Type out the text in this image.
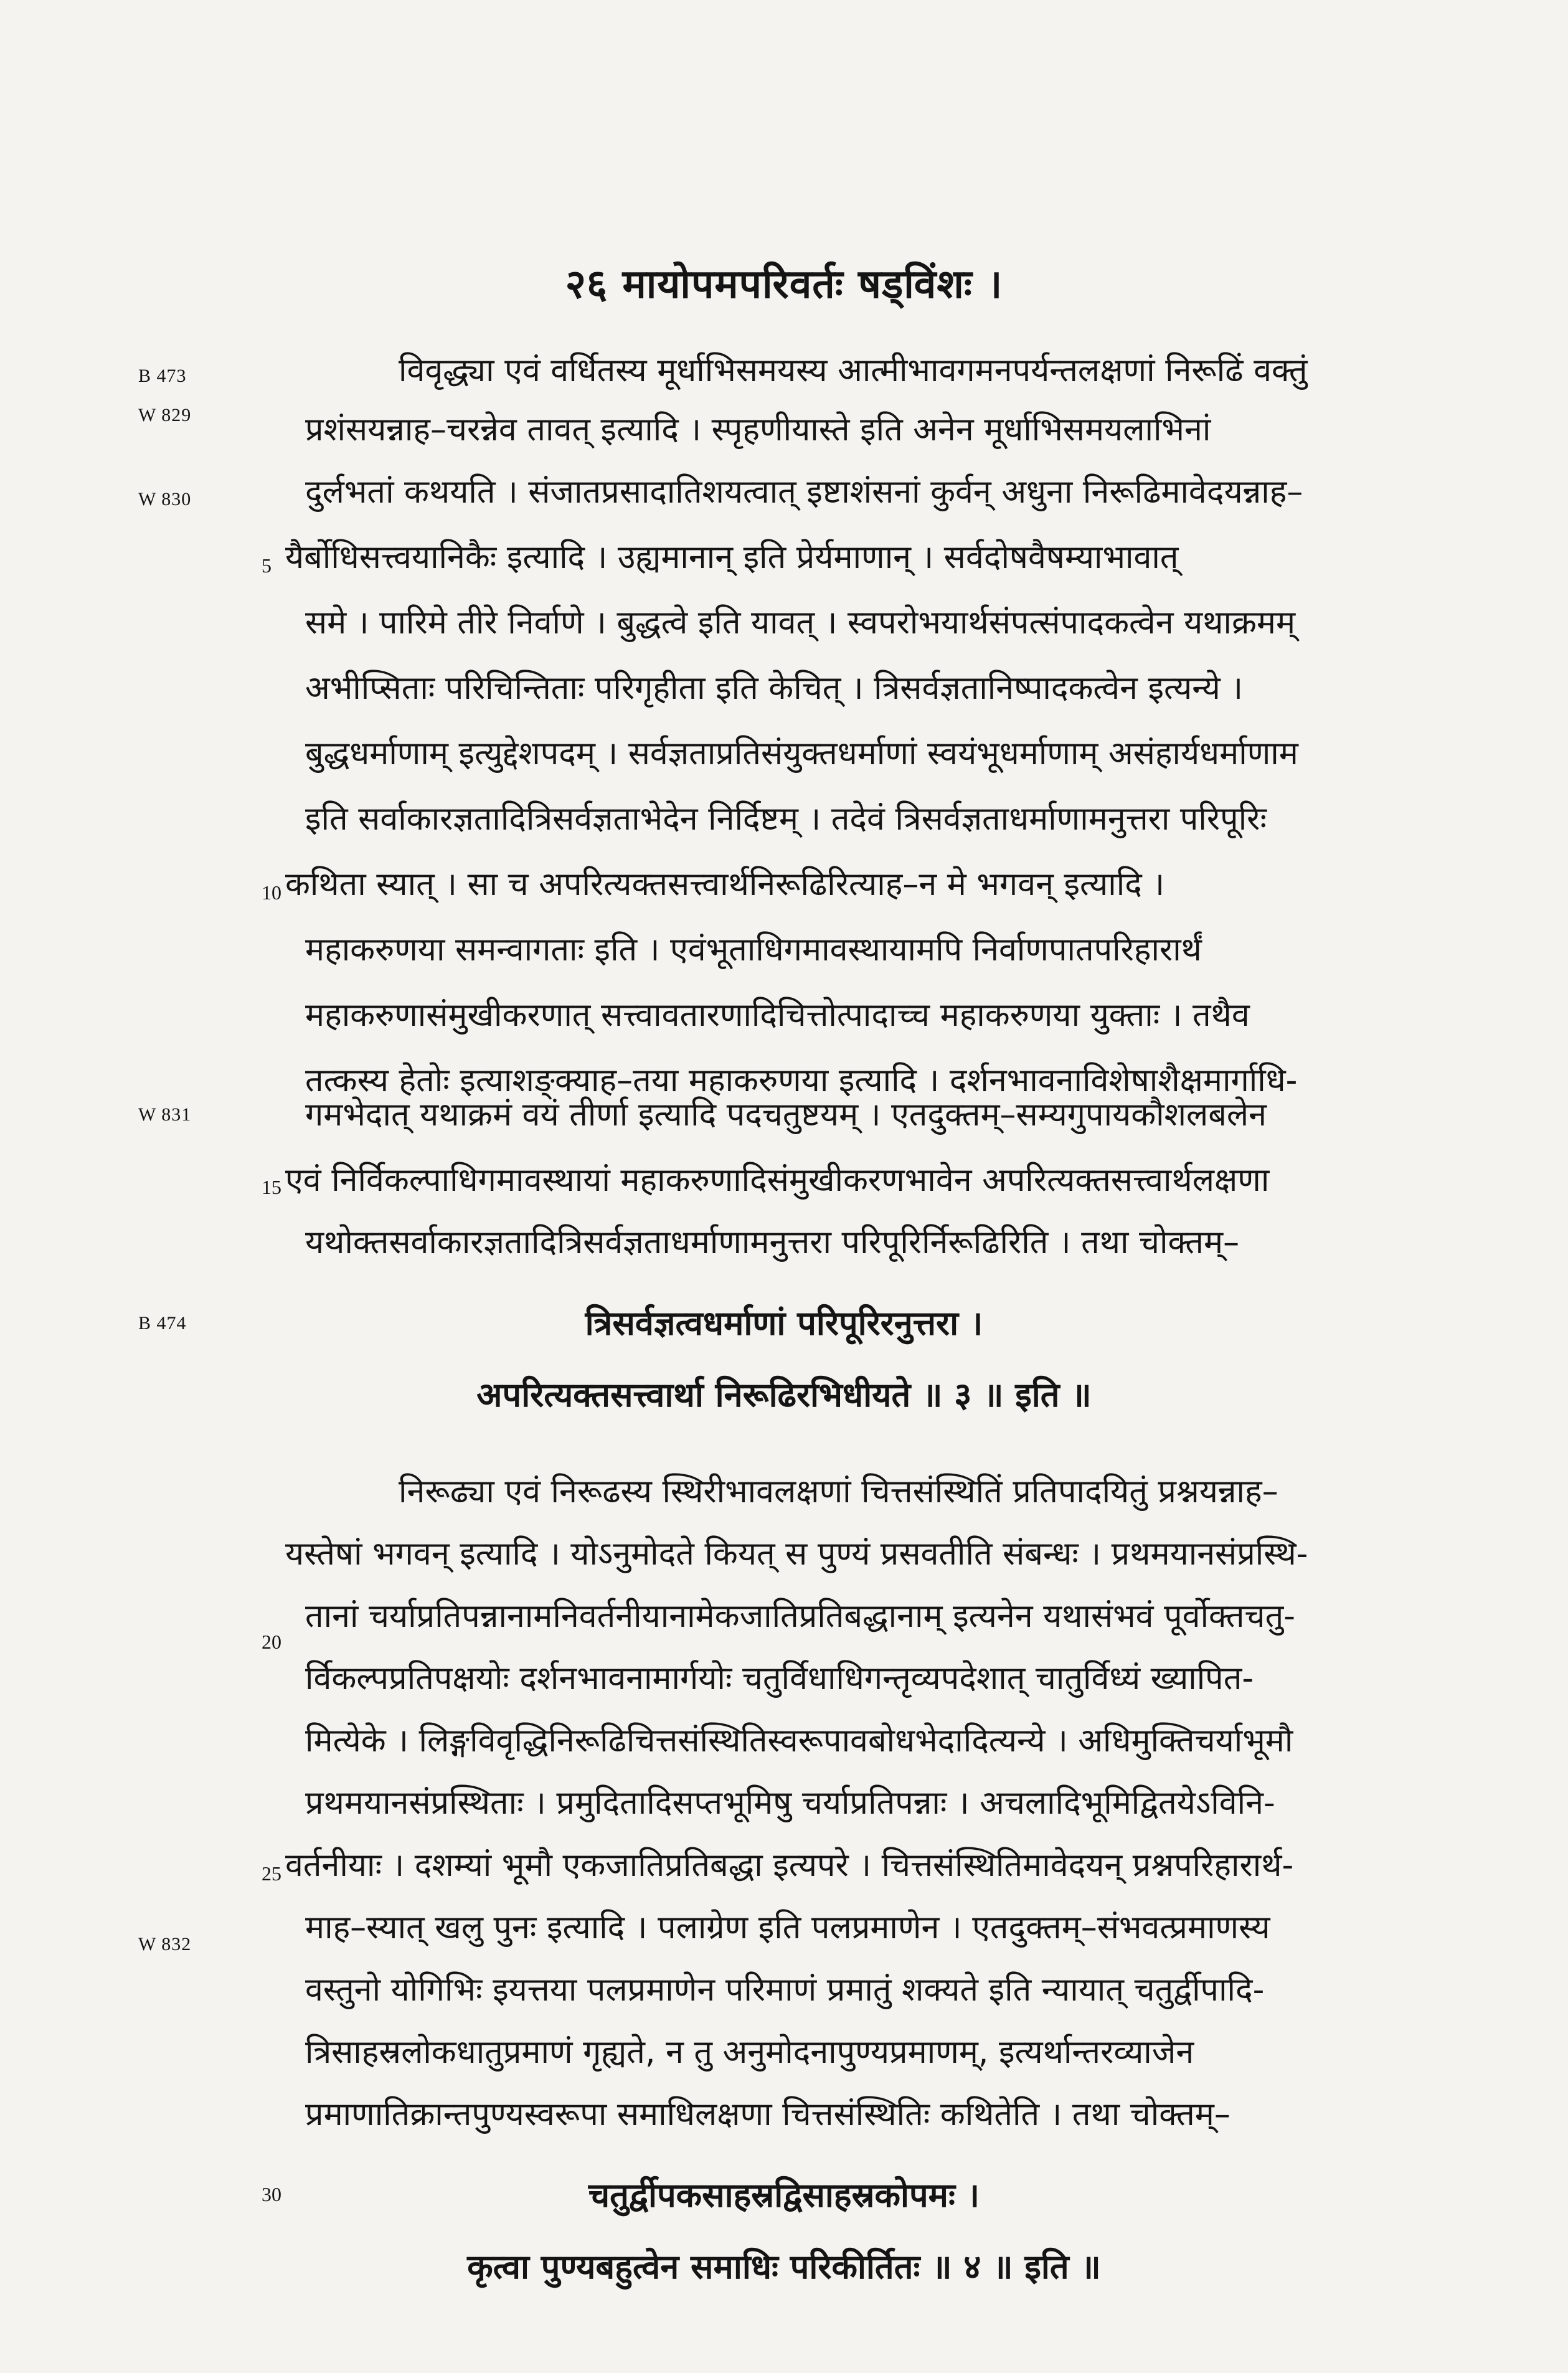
२६ मायोपमपरिवर्तः षड्विंशः ।
B 473
W 829
W 830
W 831
B 474
W 832
5
10
15
20
25
30
विवृद्ध्या एवं वर्धितस्य मूर्धाभिसमयस्य आत्मीभावगमनपर्यन्तलक्षणां निरूढिं वक्तुं
प्रशंसयन्नाह–चरन्नेव तावत् इत्यादि । स्पृहणीयास्ते इति अनेन मूर्धाभिसमयलाभिनां
दुर्लभतां कथयति । संजातप्रसादातिशयत्वात् इष्टाशंसनां कुर्वन् अधुना निरूढिमावेदयन्नाह–
यैर्बोधिसत्त्वयानिकैः इत्यादि । उह्यमानान् इति प्रेर्यमाणान् । सर्वदोषवैषम्याभावात्
समे । पारिमे तीरे निर्वाणे । बुद्धत्वे इति यावत् । स्वपरोभयार्थसंपत्संपादकत्वेन यथाक्रमम्
अभीप्सिताः परिचिन्तिताः परिगृहीता इति केचित् । त्रिसर्वज्ञतानिष्पादकत्वेन इत्यन्ये ।
बुद्धधर्माणाम् इत्युद्देशपदम् । सर्वज्ञताप्रतिसंयुक्तधर्माणां स्वयंभूधर्माणाम् असंहार्यधर्माणाम
इति सर्वाकारज्ञतादित्रिसर्वज्ञताभेदेन निर्दिष्टम् । तदेवं त्रिसर्वज्ञताधर्माणामनुत्तरा परिपूरिः
कथिता स्यात् । सा च अपरित्यक्तसत्त्वार्थनिरूढिरित्याह–न मे भगवन् इत्यादि ।
महाकरुणया समन्वागताः इति । एवंभूताधिगमावस्थायामपि निर्वाणपातपरिहारार्थं
महाकरुणासंमुखीकरणात् सत्त्वावतारणादिचित्तोत्पादाच्च महाकरुणया युक्ताः । तथैव
तत्कस्य हेतोः इत्याशङ्क्याह–तया महाकरुणया इत्यादि । दर्शनभावनाविशेषाशैक्षमार्गाधि-
गमभेदात् यथाक्रमं वयं तीर्णा इत्यादि पदचतुष्टयम् । एतदुक्तम्–सम्यगुपायकौशलबलेन
एवं निर्विकल्पाधिगमावस्थायां महाकरुणादिसंमुखीकरणभावेन अपरित्यक्तसत्त्वार्थलक्षणा
यथोक्तसर्वाकारज्ञतादित्रिसर्वज्ञताधर्माणामनुत्तरा परिपूरिर्निरूढिरिति । तथा चोक्तम्–
त्रिसर्वज्ञत्वधर्माणां परिपूरिरनुत्तरा ।
अपरित्यक्तसत्त्वार्था निरूढिरभिधीयते ॥ ३ ॥ इति ॥
निरूढ्या एवं निरूढस्य स्थिरीभावलक्षणां चित्तसंस्थितिं प्रतिपादयितुं प्रश्नयन्नाह–
यस्तेषां भगवन् इत्यादि । योऽनुमोदते कियत् स पुण्यं प्रसवतीति संबन्धः । प्रथमयानसंप्रस्थि-
तानां चर्याप्रतिपन्नानामनिवर्तनीयानामेकजातिप्रतिबद्धानाम् इत्यनेन यथासंभवं पूर्वोक्तचतु-
र्विकल्पप्रतिपक्षयोः दर्शनभावनामार्गयोः चतुर्विधाधिगन्तृव्यपदेशात् चातुर्विध्यं ख्यापित-
मित्येके । लिङ्गविवृद्धिनिरूढिचित्तसंस्थितिस्वरूपावबोधभेदादित्यन्ये । अधिमुक्तिचर्याभूमौ
प्रथमयानसंप्रस्थिताः । प्रमुदितादिसप्तभूमिषु चर्याप्रतिपन्नाः । अचलादिभूमिद्वितयेऽविनि-
वर्तनीयाः । दशम्यां भूमौ एकजातिप्रतिबद्धा इत्यपरे । चित्तसंस्थितिमावेदयन् प्रश्नपरिहारार्थ-
माह–स्यात् खलु पुनः इत्यादि । पलाग्रेण इति पलप्रमाणेन । एतदुक्तम्–संभवत्प्रमाणस्य
वस्तुनो योगिभिः इयत्तया पलप्रमाणेन परिमाणं प्रमातुं शक्यते इति न्यायात् चतुर्द्वीपादि-
त्रिसाहस्रलोकधातुप्रमाणं गृह्यते, न तु अनुमोदनापुण्यप्रमाणम्, इत्यर्थान्तरव्याजेन
प्रमाणातिक्रान्तपुण्यस्वरूपा समाधिलक्षणा चित्तसंस्थितिः कथितेति । तथा चोक्तम्–
चतुर्द्वीपकसाहस्रद्विसाहस्रकोपमः ।
कृत्वा पुण्यबहुत्वेन समाधिः परिकीर्तितः ॥ ४ ॥ इति ॥
